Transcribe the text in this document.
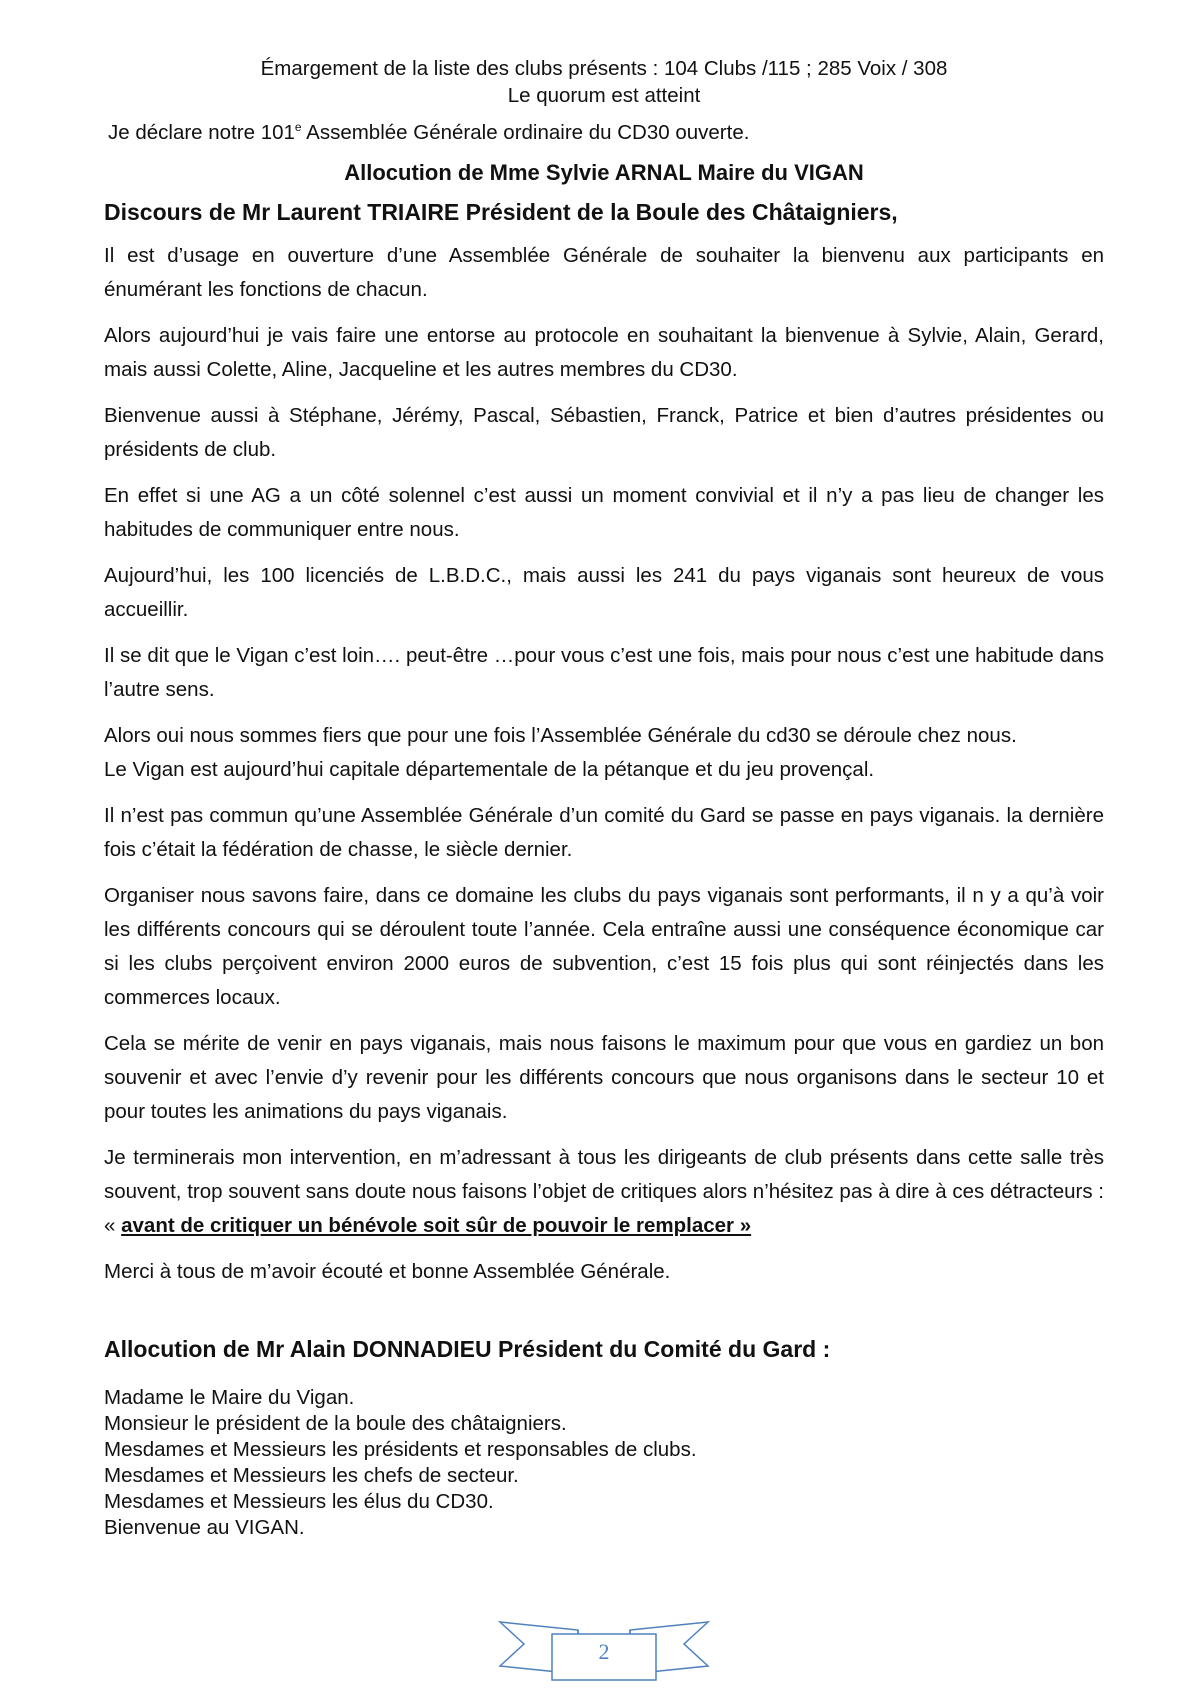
Émargement de la liste des clubs présents : 104 Clubs /115 ; 285 Voix / 308
Le quorum est atteint
Je déclare notre 101e Assemblée Générale ordinaire du CD30 ouverte.
Allocution de Mme Sylvie ARNAL Maire du VIGAN
Discours de Mr Laurent TRIAIRE Président de la Boule des Châtaigniers,

Il est d’usage en ouverture d’une Assemblée Générale de souhaiter la bienvenu aux participants en énumérant les fonctions de chacun.

Alors aujourd’hui je vais faire une entorse au protocole en souhaitant la bienvenue à Sylvie, Alain, Gerard, mais aussi Colette, Aline, Jacqueline et les autres membres du CD30.

Bienvenue aussi à Stéphane, Jérémy, Pascal, Sébastien, Franck, Patrice et bien d’autres présidentes ou présidents de club.

En effet si une AG a un côté solennel c’est aussi un moment convivial et il n’y a pas lieu de changer les habitudes de communiquer entre nous.

Aujourd’hui, les 100 licenciés de L.B.D.C., mais aussi les 241 du pays viganais sont heureux de vous accueillir.

Il se dit que le Vigan c’est loin…. peut-être …pour vous c’est une fois, mais pour nous c’est une habitude dans l’autre sens.

Alors oui nous sommes fiers que pour une fois l’Assemblée Générale du cd30 se déroule chez nous.

Le Vigan est aujourd’hui capitale départementale de la pétanque et du jeu provençal.

Il n’est pas commun qu’une Assemblée Générale d’un comité du Gard se passe en pays viganais. la dernière fois c’était la fédération de chasse, le siècle dernier.

Organiser nous savons faire, dans ce domaine les clubs du pays viganais sont performants, il n y a qu’à voir les différents concours qui se déroulent toute l’année. Cela entraîne aussi une conséquence économique car si les clubs perçoivent environ 2000 euros de subvention, c’est 15 fois plus qui sont réinjectés dans les commerces locaux.

Cela se mérite de venir en pays viganais, mais nous faisons le maximum pour que vous en gardiez un bon souvenir et avec l’envie d’y revenir pour les différents concours que nous organisons dans le secteur 10 et pour toutes les animations du pays viganais.

Je terminerais mon intervention, en m’adressant à tous les dirigeants de club présents dans cette salle très souvent, trop souvent sans doute nous faisons l’objet de critiques alors n’hésitez pas à dire à ces détracteurs : « avant de critiquer un bénévole soit sûr de pouvoir le remplacer »

Merci à tous de m’avoir écouté et bonne Assemblée Générale.

Allocution de Mr Alain DONNADIEU Président du Comité du Gard :

Madame le Maire du Vigan.

Monsieur le président de la boule des châtaigniers.

Mesdames et Messieurs les présidents et responsables de clubs.

Mesdames et Messieurs les chefs de secteur.

Mesdames et Messieurs les élus du CD30.

Bienvenue au VIGAN.

2
